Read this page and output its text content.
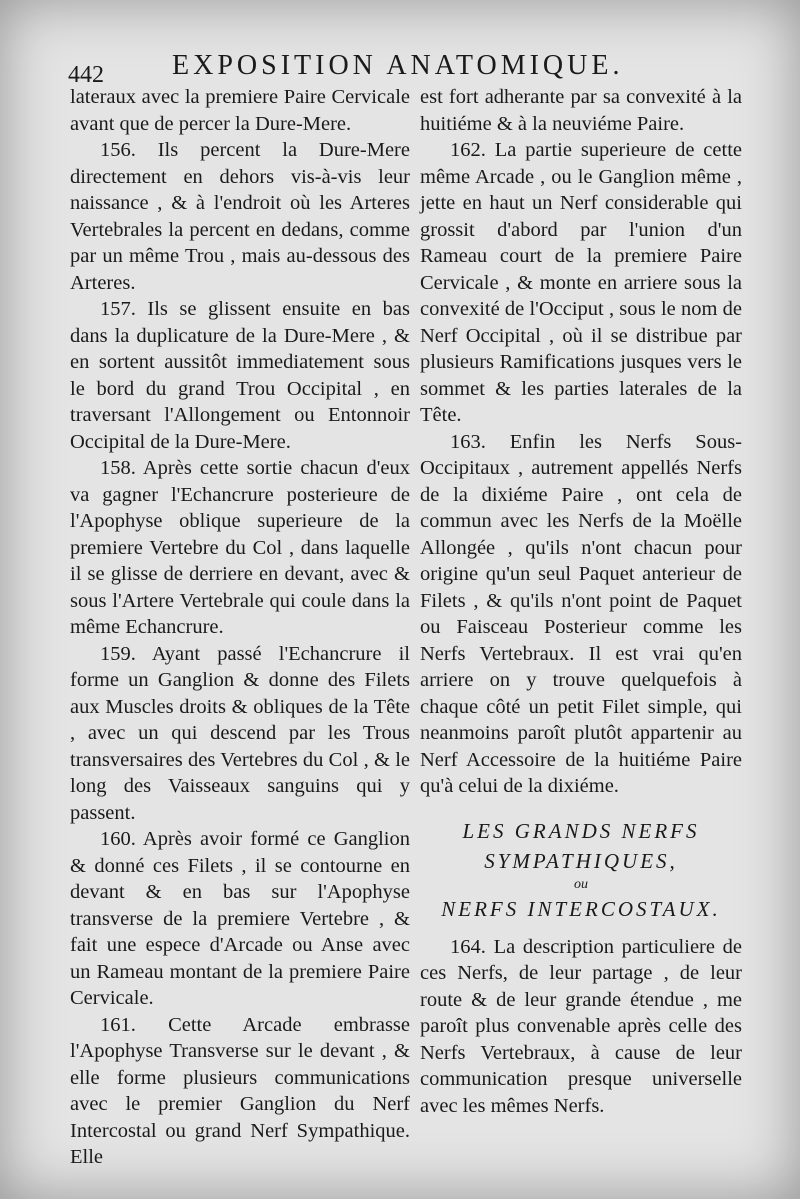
442 EXPOSITION ANATOMIQUE.

lateraux avec la premiere Paire Cervicale avant que de percer la Dure-Mere.

156. Ils percent la Dure-Mere directement en dehors vis-à-vis leur naissance , & à l'endroit où les Arteres Vertebrales la percent en dedans, comme par un même Trou , mais au-dessous des Arteres.

157. Ils se glissent ensuite en bas dans la duplicature de la Dure-Mere , & en sortent aussitôt immediatement sous le bord du grand Trou Occipital , en traversant l'Allongement ou Entonnoir Occipital de la Dure-Mere.

158. Après cette sortie chacun d'eux va gagner l'Echancrure posterieure de l'Apophyse oblique superieure de la premiere Vertebre du Col , dans laquelle il se glisse de derriere en devant, avec & sous l'Artere Vertebrale qui coule dans la même Echancrure.

159. Ayant passé l'Echancrure il forme un Ganglion & donne des Filets aux Muscles droits & obliques de la Tête , avec un qui descend par les Trous transversaires des Vertebres du Col , & le long des Vaisseaux sanguins qui y passent.

160. Après avoir formé ce Ganglion & donné ces Filets , il se contourne en devant & en bas sur l'Apophyse transverse de la premiere Vertebre , & fait une espece d'Arcade ou Anse avec un Rameau montant de la premiere Paire Cervicale.

161. Cette Arcade embrasse l'Apophyse Transverse sur le devant , & elle forme plusieurs communications avec le premier Ganglion du Nerf Intercostal ou grand Nerf Sympathique. Elle

est fort adherante par sa convexité à la huitiéme & à la neuviéme Paire.

162. La partie superieure de cette même Arcade , ou le Ganglion même , jette en haut un Nerf considerable qui grossit d'abord par l'union d'un Rameau court de la premiere Paire Cervicale , & monte en arriere sous la convexité de l'Occiput , sous le nom de Nerf Occipital , où il se distribue par plusieurs Ramifications jusques vers le sommet & les parties laterales de la Tête.

163. Enfin les Nerfs Sous-Occipitaux , autrement appellés Nerfs de la dixiéme Paire , ont cela de commun avec les Nerfs de la Moëlle Allongée , qu'ils n'ont chacun pour origine qu'un seul Paquet anterieur de Filets , & qu'ils n'ont point de Paquet ou Faisceau Posterieur comme les Nerfs Vertebraux. Il est vrai qu'en arriere on y trouve quelquefois à chaque côté un petit Filet simple, qui neanmoins paroît plutôt appartenir au Nerf Accessoire de la huitiéme Paire qu'à celui de la dixiéme.

LES GRANDS NERFS
SYMPATHIQUES,
ou
NERFS INTERCOSTAUX.

164. La description particuliere de ces Nerfs, de leur partage , de leur route & de leur grande étendue , me paroît plus convenable après celle des Nerfs Vertebraux, à cause de leur communication presque universelle avec les mêmes Nerfs.
